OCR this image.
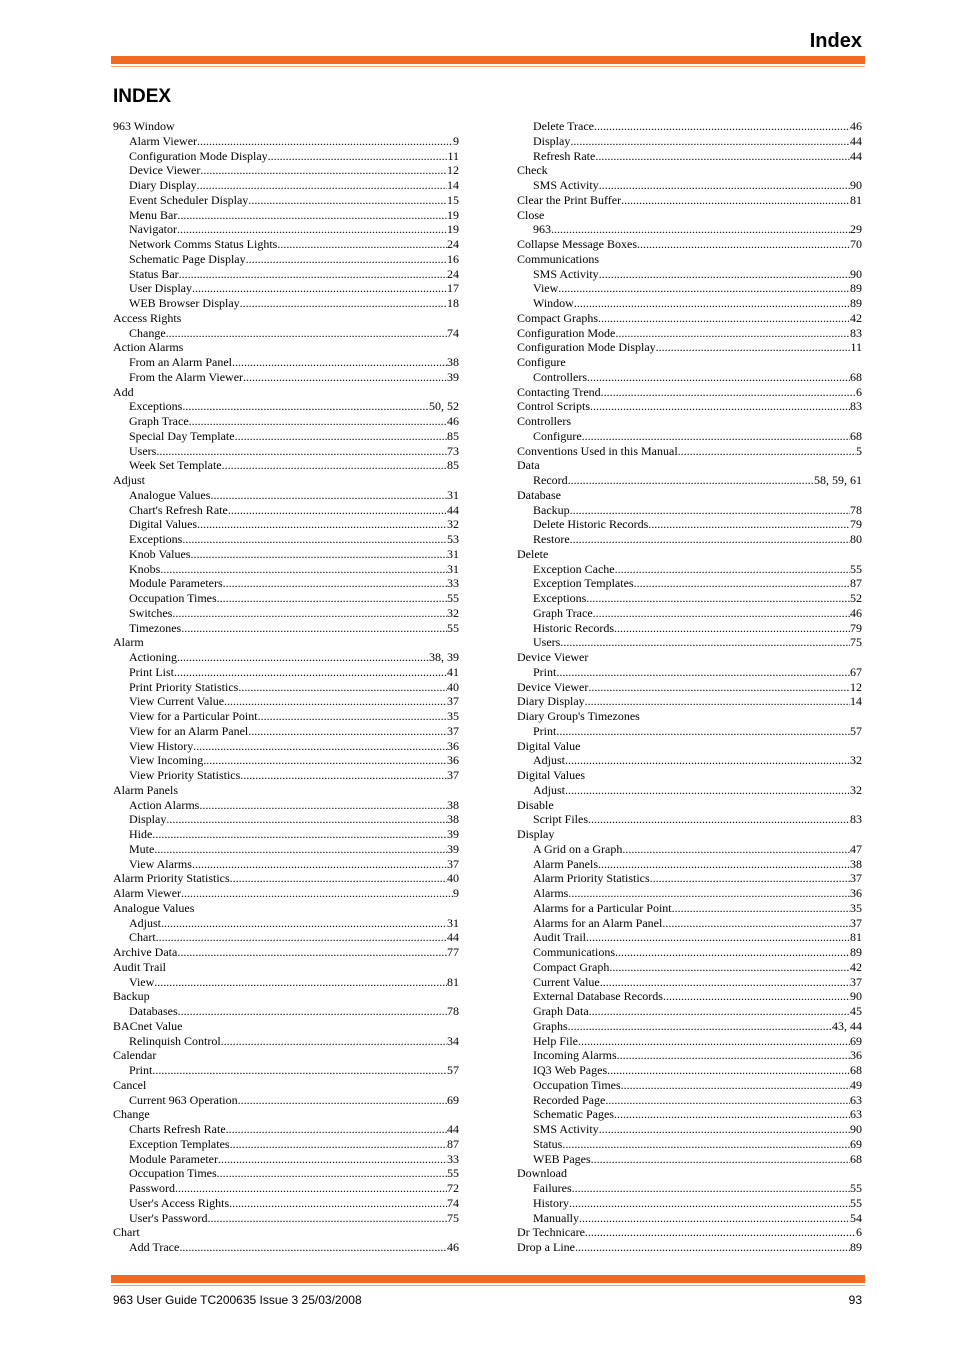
Index
INDEX
963 Window
Alarm Viewer .....	9
Configuration Mode Display .....	11
Device Viewer .....	12
Diary Display .....	14
Event Scheduler Display .....	15
Menu Bar .....	19
Navigator .....	19
Network Comms Status Lights .....	24
Schematic Page Display .....	16
Status Bar .....	24
User Display .....	17
WEB Browser Display .....	18
Access Rights
Change .....	74
Action Alarms
From an Alarm Panel .....	38
From the Alarm Viewer .....	39
Add
Exceptions .....	50, 52
Graph Trace .....	46
Special Day Template .....	85
Users .....	73
Week Set Template .....	85
Adjust
Analogue Values .....	31
Chart's Refresh Rate .....	44
Digital Values .....	32
Exceptions .....	53
Knob Values .....	31
Knobs .....	31
Module Parameters .....	33
Occupation Times .....	55
Switches .....	32
Timezones .....	55
Alarm
Actioning .....	38, 39
Print List .....	41
Print Priority Statistics .....	40
View Current Value .....	37
View for a Particular Point .....	35
View for an Alarm Panel .....	37
View History .....	36
View Incoming .....	36
View Priority Statistics .....	37
Alarm Panels
Action Alarms .....	38
Display .....	38
Hide .....	39
Mute .....	39
View Alarms .....	37
Alarm Priority Statistics .....	40
Alarm Viewer .....	9
Analogue Values
Adjust .....	31
Chart .....	44
Archive Data .....	77
Audit Trail
View .....	81
Backup
Databases .....	78
BACnet Value
Relinquish Control .....	34
Calendar
Print .....	57
Cancel
Current 963 Operation .....	69
Change
Charts Refresh Rate .....	44
Exception Templates .....	87
Module Parameter .....	33
Occupation Times .....	55
Password .....	72
User's Access Rights .....	74
User's Password .....	75
Chart
Add Trace .....	46
Delete Trace .....	46
Display .....	44
Refresh Rate .....	44
Check
SMS Activity .....	90
Clear the Print Buffer .....	81
Close
963 .....	29
Collapse Message Boxes .....	70
Communications
SMS Activity .....	90
View .....	89
Window .....	89
Compact Graphs .....	42
Configuration Mode .....	83
Configuration Mode Display .....	11
Configure
Controllers .....	68
Contacting Trend .....	6
Control Scripts .....	83
Controllers
Configure .....	68
Conventions Used in this Manual .....	5
Data
Record .....	58, 59, 61
Database
Backup .....	78
Delete Historic Records .....	79
Restore .....	80
Delete
Exception Cache .....	55
Exception Templates .....	87
Exceptions .....	52
Graph Trace .....	46
Historic Records .....	79
Users .....	75
Device Viewer
Print .....	67
Device Viewer .....	12
Diary Display .....	14
Diary Group's Timezones
Print .....	57
Digital Value
Adjust .....	32
Digital Values
Adjust .....	32
Disable
Script Files .....	83
Display
A Grid on a Graph .....	47
Alarm Panels .....	38
Alarm Priority Statistics .....	37
Alarms .....	36
Alarms for a Particular Point .....	35
Alarms for an Alarm Panel .....	37
Audit Trail .....	81
Communications .....	89
Compact Graph .....	42
Current Value .....	37
External Database Records .....	90
Graph Data .....	45
Graphs .....	43, 44
Help File .....	69
Incoming Alarms .....	36
IQ3 Web Pages .....	68
Occupation Times .....	49
Recorded Page .....	63
Schematic Pages .....	63
SMS Activity .....	90
Status .....	69
WEB Pages .....	68
Download
Failures .....	55
History .....	55
Manually .....	54
Dr Technicare .....	6
Drop a Line .....	89
963 User Guide TC200635 Issue 3 25/03/2008	93
